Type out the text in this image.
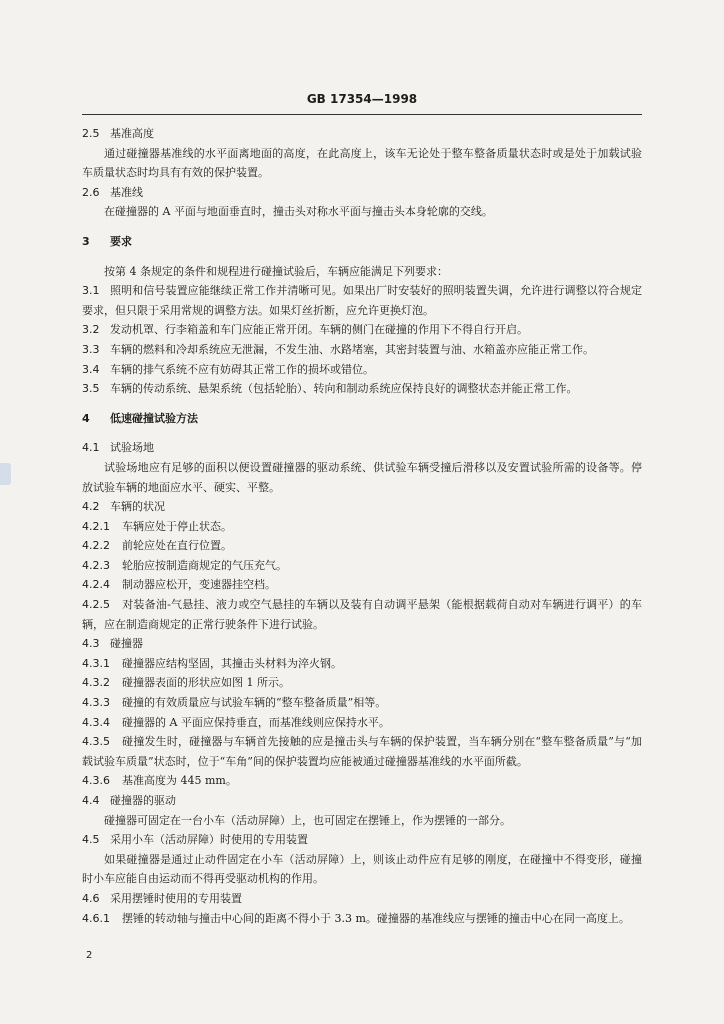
GB 17354—1998

2.5 基准高度

通过碰撞器基准线的水平面离地面的高度，在此高度上，该车无论处于整车整备质量状态时或是处于加载试验车质量状态时均具有有效的保护装置。

2.6 基准线

在碰撞器的 A 平面与地面垂直时，撞击头对称水平面与撞击头本身轮廓的交线。

3 要求

按第 4 条规定的条件和规程进行碰撞试验后，车辆应能满足下列要求：

3.1 照明和信号装置应能继续正常工作并清晰可见。如果出厂时安装好的照明装置失调，允许进行调整以符合规定要求，但只限于采用常规的调整方法。如果灯丝折断，应允许更换灯泡。

3.2 发动机罩、行李箱盖和车门应能正常开闭。车辆的侧门在碰撞的作用下不得自行开启。

3.3 车辆的燃料和冷却系统应无泄漏，不发生油、水路堵塞，其密封装置与油、水箱盖亦应能正常工作。

3.4 车辆的排气系统不应有妨碍其正常工作的损坏或错位。

3.5 车辆的传动系统、悬架系统（包括轮胎）、转向和制动系统应保持良好的调整状态并能正常工作。

4 低速碰撞试验方法

4.1 试验场地

试验场地应有足够的面积以便设置碰撞器的驱动系统、供试验车辆受撞后滑移以及安置试验所需的设备等。停放试验车辆的地面应水平、硬实、平整。

4.2 车辆的状况

4.2.1 车辆应处于停止状态。

4.2.2 前轮应处在直行位置。

4.2.3 轮胎应按制造商规定的气压充气。

4.2.4 制动器应松开，变速器挂空档。

4.2.5 对装备油-气悬挂、液力或空气悬挂的车辆以及装有自动调平悬架（能根据载荷自动对车辆进行调平）的车辆，应在制造商规定的正常行驶条件下进行试验。

4.3 碰撞器

4.3.1 碰撞器应结构坚固，其撞击头材料为淬火钢。

4.3.2 碰撞器表面的形状应如图 1 所示。

4.3.3 碰撞的有效质量应与试验车辆的“整车整备质量”相等。

4.3.4 碰撞器的 A 平面应保持垂直，而基准线则应保持水平。

4.3.5 碰撞发生时，碰撞器与车辆首先接触的应是撞击头与车辆的保护装置，当车辆分别在“整车整备质量”与“加载试验车质量”状态时，位于“车角”间的保护装置均应能被通过碰撞器基准线的水平面所截。

4.3.6 基准高度为 445 mm。

4.4 碰撞器的驱动

碰撞器可固定在一台小车（活动屏障）上，也可固定在摆锤上，作为摆锤的一部分。

4.5 采用小车（活动屏障）时使用的专用装置

如果碰撞器是通过止动件固定在小车（活动屏障）上，则该止动件应有足够的刚度，在碰撞中不得变形，碰撞时小车应能自由运动而不得再受驱动机构的作用。

4.6 采用摆锤时使用的专用装置

4.6.1 摆锤的转动轴与撞击中心间的距离不得小于 3.3 m。碰撞器的基准线应与摆锤的撞击中心在同一高度上。

2
